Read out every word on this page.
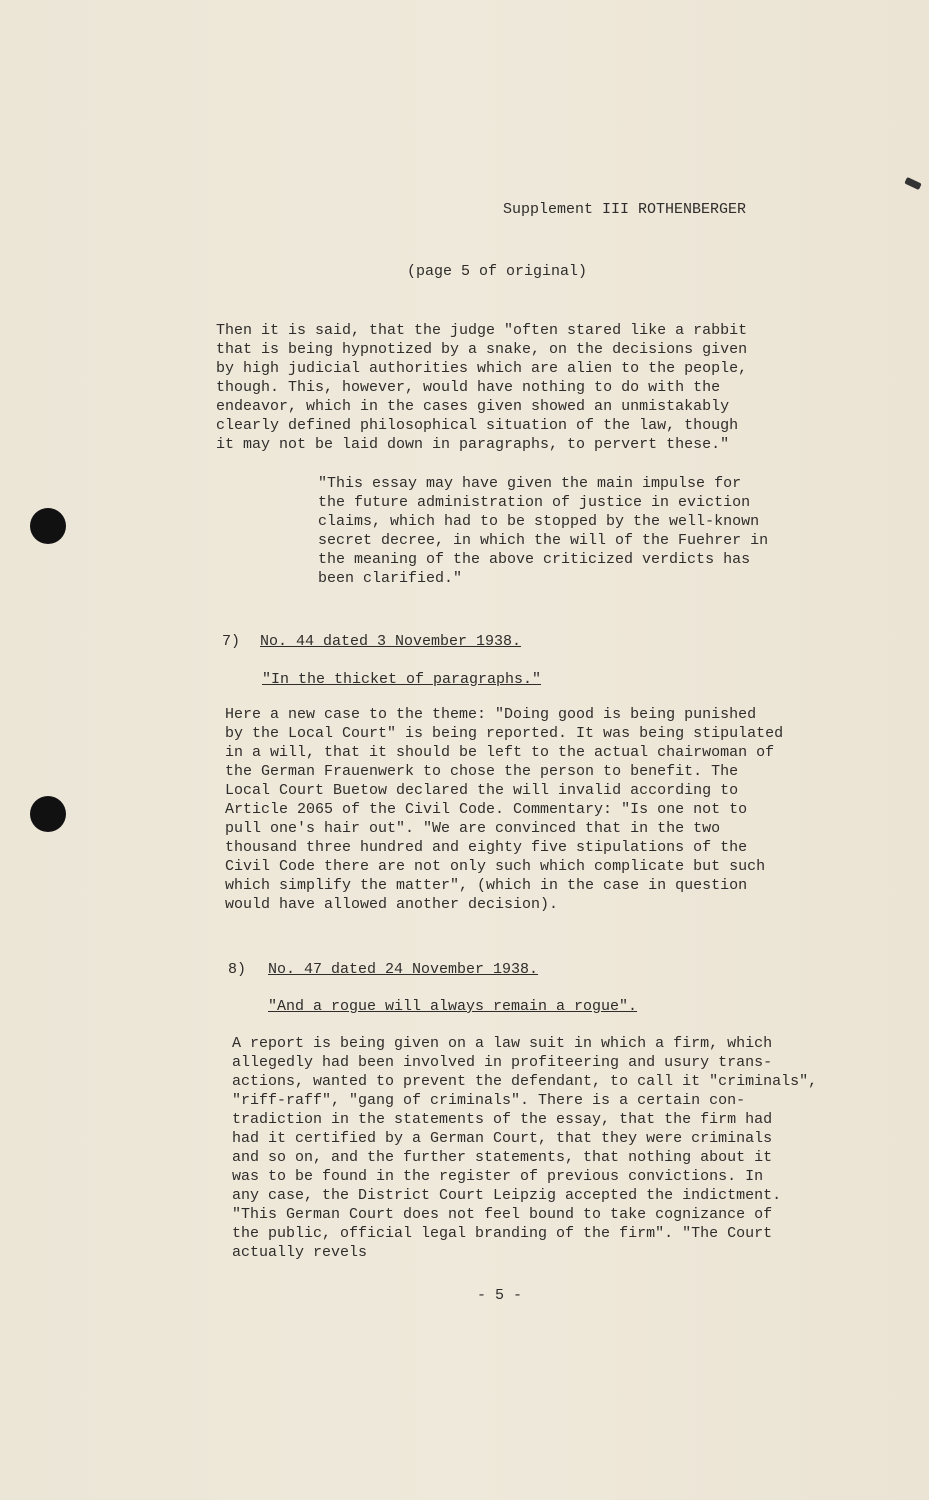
Supplement III ROTHENBERGER
(page 5 of original)
Then it is said, that the judge "often stared like a rabbit
that is being hypnotized by a snake, on the decisions given
by high judicial authorities which are alien to the people,
though. This, however, would have nothing to do with the
endeavor, which in the cases given showed an unmistakably
clearly defined philosophical situation of the law, though
it may not be laid down in paragraphs, to pervert these."
"This essay may have given the main impulse for
the future administration of justice in eviction
claims, which had to be stopped by the well-known
secret decree, in which the will of the Fuehrer in
the meaning of the above criticized verdicts has
been clarified."
7) No. 44 dated 3 November 1938.
"In the thicket of paragraphs."
Here a new case to the theme: "Doing good is being punished
by the Local Court" is being reported. It was being stipulated
in a will, that it should be left to the actual chairwoman of
the German Frauenwerk to chose the person to benefit. The
Local Court Buetow declared the will invalid according to
Article 2065 of the Civil Code. Commentary: "Is one not to
pull one's hair out". "We are convinced that in the two
thousand three hundred and eighty five stipulations of the
Civil Code there are not only such which complicate but such
which simplify the matter", (which in the case in question
would have allowed another decision).
8) No. 47 dated 24 November 1938.
"And a rogue will always remain a rogue".
A report is being given on a law suit in which a firm, which
allegedly had been involved in profiteering and usury trans-
actions, wanted to prevent the defendant, to call it "criminals",
"riff-raff", "gang of criminals". There is a certain con-
tradiction in the statements of the essay, that the firm had
had it certified by a German Court, that they were criminals
and so on, and the further statements, that nothing about it
was to be found in the register of previous convictions. In
any case, the District Court Leipzig accepted the indictment.
"This German Court does not feel bound to take cognizance of
the public, official legal branding of the firm". "The Court
actually revels
- 5 -
